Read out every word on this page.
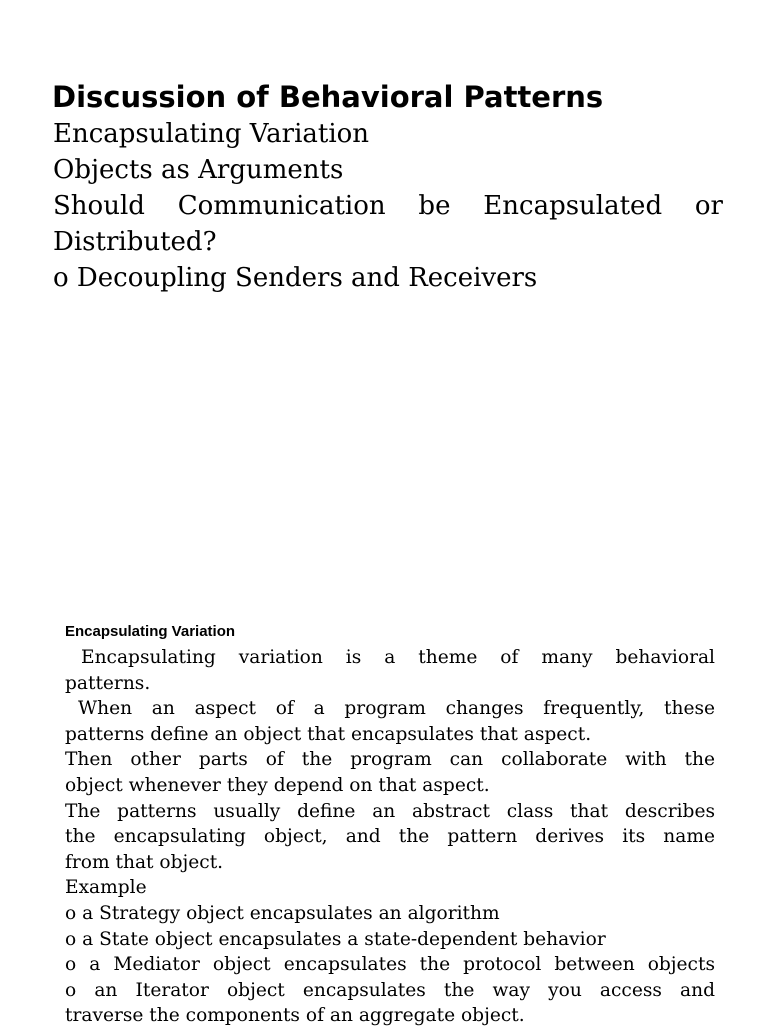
Discussion of Behavioral Patterns
Encapsulating Variation
Objects as Arguments
Should Communication be Encapsulated or
Distributed?
o Decoupling Senders and Receivers
Encapsulating Variation
Encapsulating variation is a theme of many behavioral
patterns.
When an aspect of a program changes frequently, these
patterns define an object that encapsulates that aspect.
Then other parts of the program can collaborate with the
object whenever they depend on that aspect.
The patterns usually define an abstract class that describes
the encapsulating object, and the pattern derives its name
from that object.
Example
o a Strategy object encapsulates an algorithm
o a State object encapsulates a state-dependent behavior
o a Mediator object encapsulates the protocol between objects
o an Iterator object encapsulates the way you access and
traverse the components of an aggregate object.
